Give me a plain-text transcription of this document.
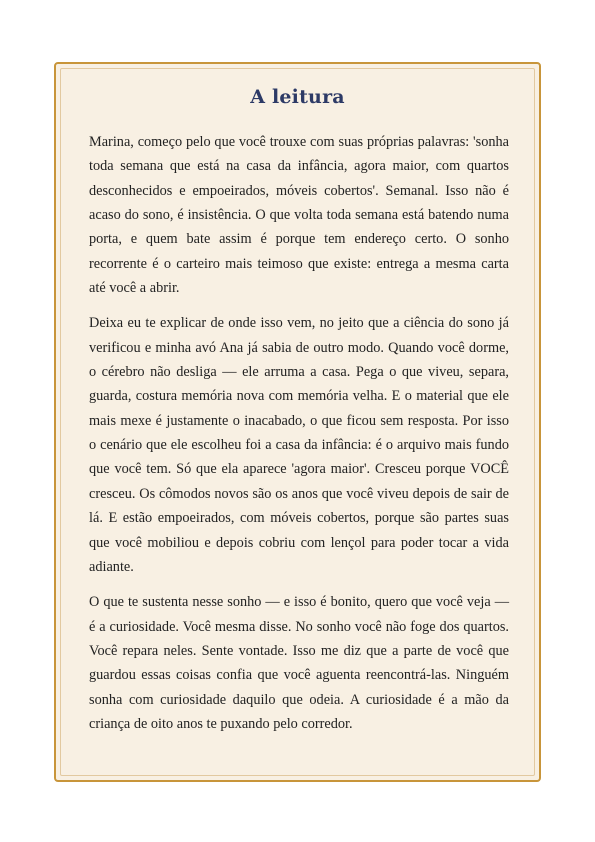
A leitura

Marina, começo pelo que você trouxe com suas próprias palavras: 'sonha toda semana que está na casa da infância, agora maior, com quartos desconhecidos e empoeirados, móveis cobertos'. Semanal. Isso não é acaso do sono, é insistência. O que volta toda semana está batendo numa porta, e quem bate assim é porque tem endereço certo. O sonho recorrente é o carteiro mais teimoso que existe: entrega a mesma carta até você a abrir.

Deixa eu te explicar de onde isso vem, no jeito que a ciência do sono já verificou e minha avó Ana já sabia de outro modo. Quando você dorme, o cérebro não desliga — ele arruma a casa. Pega o que viveu, separa, guarda, costura memória nova com memória velha. E o material que ele mais mexe é justamente o inacabado, o que ficou sem resposta. Por isso o cenário que ele escolheu foi a casa da infância: é o arquivo mais fundo que você tem. Só que ela aparece 'agora maior'. Cresceu porque VOCÊ cresceu. Os cômodos novos são os anos que você viveu depois de sair de lá. E estão empoeirados, com móveis cobertos, porque são partes suas que você mobiliou e depois cobriu com lençol para poder tocar a vida adiante.

O que te sustenta nesse sonho — e isso é bonito, quero que você veja — é a curiosidade. Você mesma disse. No sonho você não foge dos quartos. Você repara neles. Sente vontade. Isso me diz que a parte de você que guardou essas coisas confia que você aguenta reencontrá-las. Ninguém sonha com curiosidade daquilo que odeia. A curiosidade é a mão da criança de oito anos te puxando pelo corredor.
